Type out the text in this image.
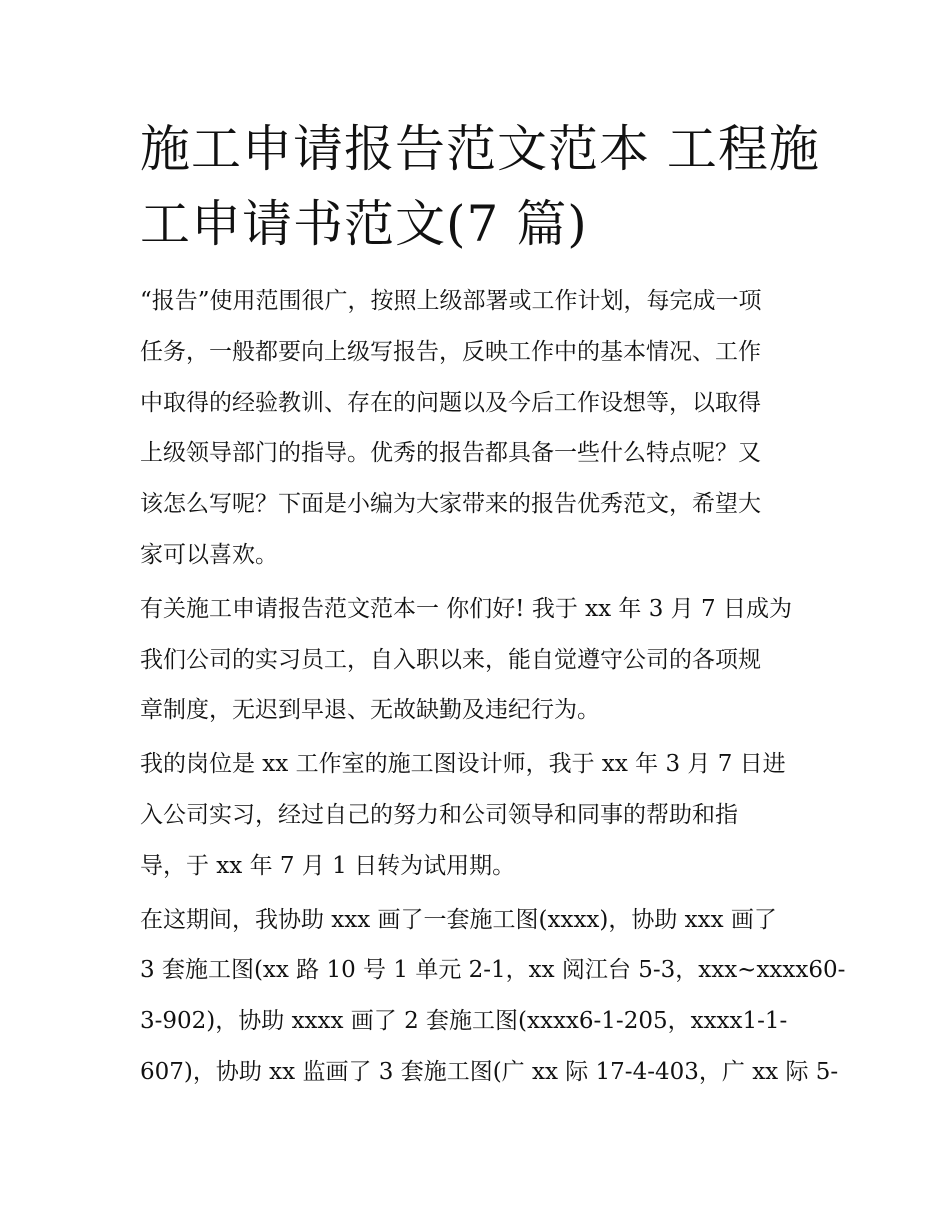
施工申请报告范文范本 工程施
工申请书范文(7 篇)

“报告”使用范围很广，按照上级部署或工作计划，每完成一项
任务，一般都要向上级写报告，反映工作中的基本情况、工作
中取得的经验教训、存在的问题以及今后工作设想等，以取得
上级领导部门的指导。优秀的报告都具备一些什么特点呢？又
该怎么写呢？下面是小编为大家带来的报告优秀范文，希望大
家可以喜欢。

有关施工申请报告范文范本一 你们好! 我于 xx 年 3 月 7 日成为
我们公司的实习员工，自入职以来，能自觉遵守公司的各项规
章制度，无迟到早退、无故缺勤及违纪行为。

我的岗位是 xx 工作室的施工图设计师，我于 xx 年 3 月 7 日进
入公司实习，经过自己的努力和公司领导和同事的帮助和指
导，于 xx 年 7 月 1 日转为试用期。

在这期间，我协助 xxx 画了一套施工图(xxxx)，协助 xxx 画了
3 套施工图(xx 路 10 号 1 单元 2-1，xx 阅江台 5-3，xxx~xxxx60-
3-902)，协助 xxxx 画了 2 套施工图(xxxx6-1-205，xxxx1-1-
607)，协助 xx 监画了 3 套施工图(广 xx 际 17-4-403，广 xx 际 5-
